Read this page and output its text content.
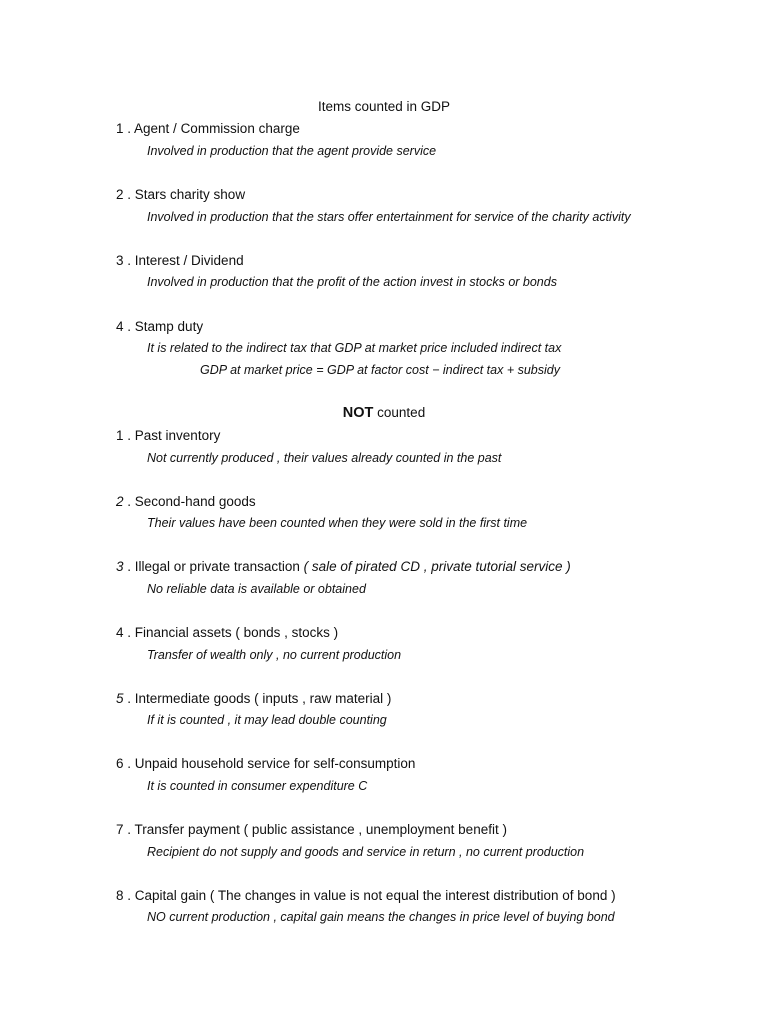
Items counted in GDP
1 . Agent / Commission charge
Involved in production that the agent provide service
2 . Stars charity show
Involved in production that the stars offer entertainment for service of the charity activity
3 . Interest / Dividend
Involved in production that the profit of the action invest in stocks or bonds
4 . Stamp duty
It is related to the indirect tax that GDP at market price included indirect tax
GDP at market price = GDP at factor cost − indirect tax + subsidy
NOT counted
1 . Past inventory
Not currently produced , their values already counted in the past
2 . Second-hand goods
Their values have been counted when they were sold in the first time
3 . Illegal or private transaction ( sale of pirated CD , private tutorial service )
No reliable data is available or obtained
4 . Financial assets ( bonds , stocks )
Transfer of wealth only , no current production
5 . Intermediate goods ( inputs , raw material )
If it is counted , it may lead double counting
6 . Unpaid household service for self-consumption
It is counted in consumer expenditure C
7 . Transfer payment ( public assistance , unemployment benefit )
Recipient do not supply and goods and service in return , no current production
8 . Capital gain ( The changes in value is not equal the interest distribution of bond )
NO current production , capital gain means the changes in price level of buying bond
